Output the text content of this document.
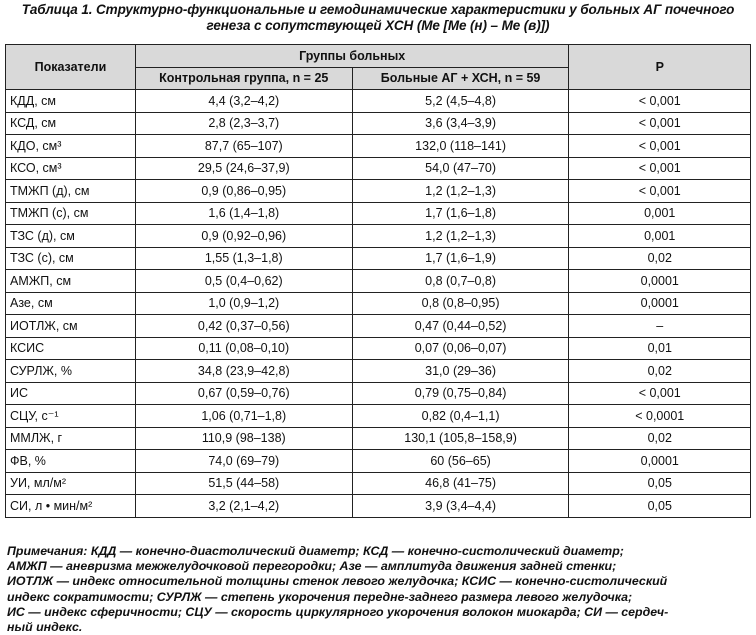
Таблица 1. Структурно-функциональные и гемодинамические характеристики у больных АГ почечного
генеза с сопутствующей ХСН (Me [Me (н) – Me (в)])
Показатели	Группы больных		Р
	Контрольная группа, n = 25	Больные АГ + ХСН, n = 59	
КДД, см	4,4 (3,2–4,2)	5,2 (4,5–4,8)	< 0,001
КСД, см	2,8 (2,3–3,7)	3,6 (3,4–3,9)	< 0,001
КДО, см³	87,7 (65–107)	132,0 (118–141)	< 0,001
КСО, см³	29,5 (24,6–37,9)	54,0 (47–70)	< 0,001
ТМЖП (д), см	0,9 (0,86–0,95)	1,2 (1,2–1,3)	< 0,001
ТМЖП (с), см	1,6 (1,4–1,8)	1,7 (1,6–1,8)	0,001
ТЗС (д), см	0,9 (0,92–0,96)	1,2 (1,2–1,3)	0,001
ТЗС (с), см	1,55 (1,3–1,8)	1,7 (1,6–1,9)	0,02
АМЖП, см	0,5 (0,4–0,62)	0,8 (0,7–0,8)	0,0001
Азе, см	1,0 (0,9–1,2)	0,8 (0,8–0,95)	0,0001
ИОТЛЖ, см	0,42 (0,37–0,56)	0,47 (0,44–0,52)	–
КСИС	0,11 (0,08–0,10)	0,07 (0,06–0,07)	0,01
СУРЛЖ, %	34,8 (23,9–42,8)	31,0 (29–36)	0,02
ИС	0,67 (0,59–0,76)	0,79 (0,75–0,84)	< 0,001
СЦУ, с⁻¹	1,06 (0,71–1,8)	0,82 (0,4–1,1)	< 0,0001
ММЛЖ, г	110,9 (98–138)	130,1 (105,8–158,9)	0,02
ФВ, %	74,0 (69–79)	60 (56–65)	0,0001
УИ, мл/м²	51,5 (44–58)	46,8 (41–75)	0,05
СИ, л • мин/м²	3,2 (2,1–4,2)	3,9 (3,4–4,4)	0,05
Примечания: КДД — конечно-диастолический диаметр; КСД — конечно-систолический диаметр;
АМЖП — аневризма межжелудочковой перегородки; Азе — амплитуда движения задней стенки;
ИОТЛЖ — индекс относительной толщины стенок левого желудочка; КСИС — конечно-систолический
индекс сократимости; СУРЛЖ — степень укорочения передне-заднего размера левого желудочка;
ИС — индекс сферичности; СЦУ — скорость циркулярного укорочения волокон миокарда; СИ — сердеч-
ный индекс.
